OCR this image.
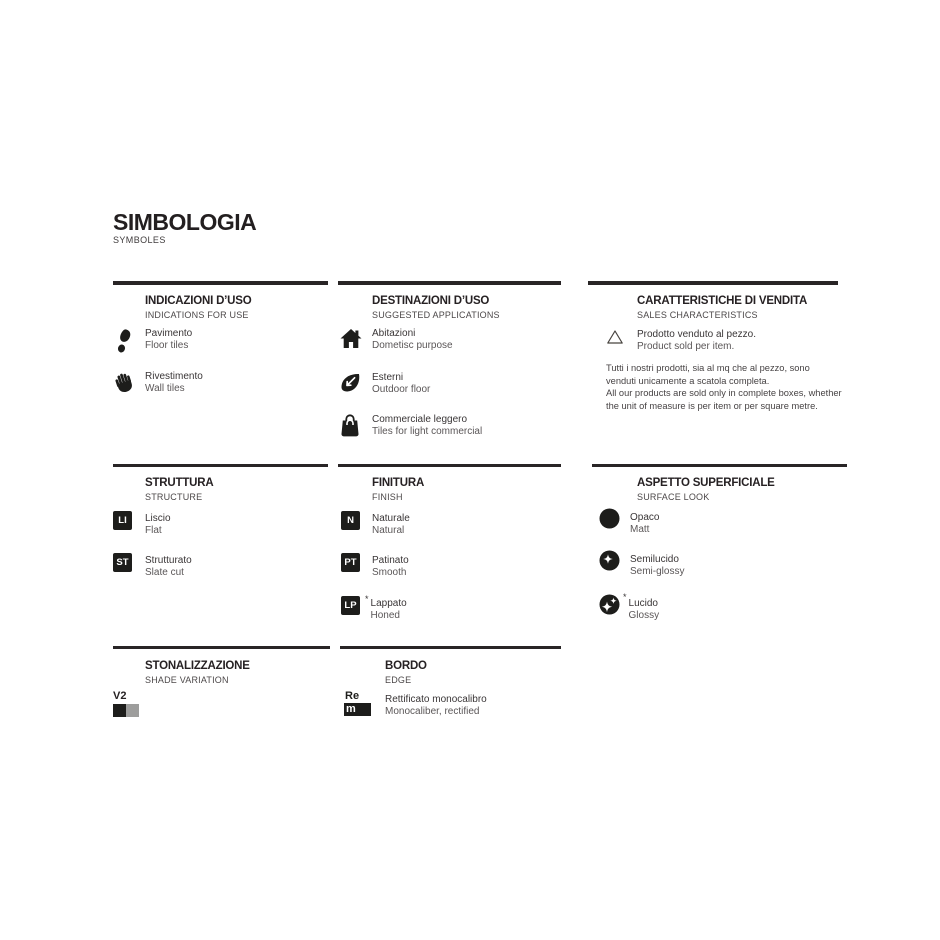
SIMBOLOGIA
SYMBOLES
INDICAZIONI D’USO
INDICATIONS FOR USE
Pavimento
Floor tiles
Rivestimento
Wall tiles
DESTINAZIONI D’USO
SUGGESTED APPLICATIONS
Abitazioni
Dometisc purpose
Esterni
Outdoor floor
Commerciale leggero
Tiles for light commercial
CARATTERISTICHE DI VENDITA
SALES CHARACTERISTICS
Prodotto venduto al pezzo.
Product sold per item.
Tutti i nostri prodotti, sia al mq che al pezzo, sono
venduti unicamente a scatola completa.
All our products are sold only in complete boxes, whether
the unit of measure is per item or per square metre.
STRUTTURA
STRUCTURE
LI	Liscio
Flat
ST	Strutturato
Slate cut
FINITURA
FINISH
N	Naturale
Natural
PT	Patinato
Smooth
LP
* Lappato
Honed
ASPETTO SUPERFICIALE
SURFACE LOOK
Opaco
Matt
Semilucido
Semi-glossy
*
Lucido
Glossy
STONALIZZAZIONE
SHADE VARIATION
V2
BORDO
EDGE
Re
m
Rettificato monocalibro
Monocaliber, rectified
